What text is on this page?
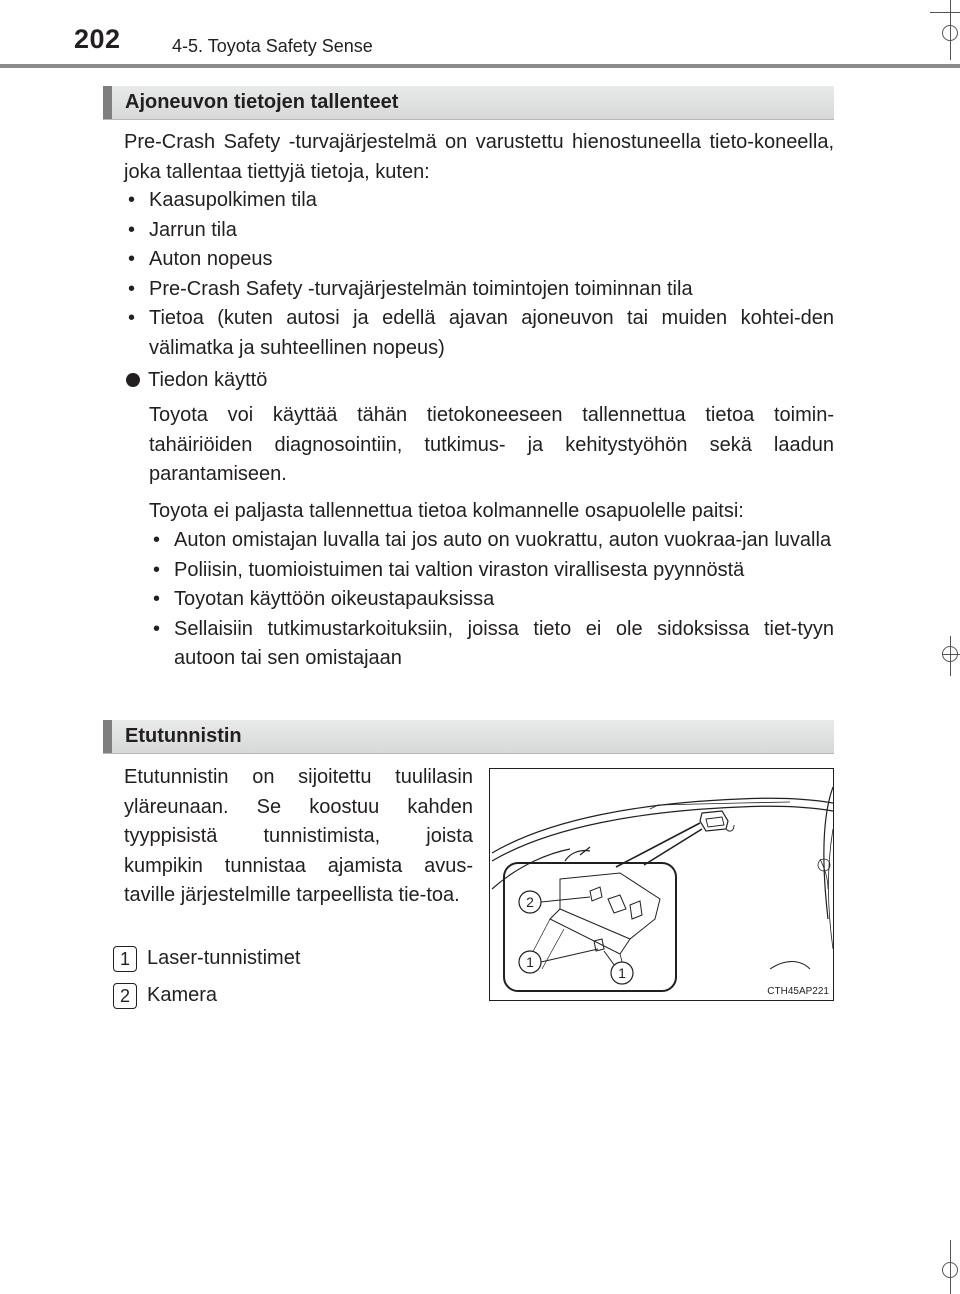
202	4-5. Toyota Safety Sense
Ajoneuvon tietojen tallenteet

Pre-Crash Safety -turvajärjestelmä on varustettu hienostuneella tieto-koneella, joka tallentaa tiettyjä tietoja, kuten:

• Kaasupolkimen tila
• Jarrun tila
• Auton nopeus
• Pre-Crash Safety -turvajärjestelmän toimintojen toiminnan tila
• Tietoa (kuten autosi ja edellä ajavan ajoneuvon tai muiden kohtei-den välimatka ja suhteellinen nopeus)
Tiedon käyttö

Toyota voi käyttää tähän tietokoneeseen tallennettua tietoa toimin-tahäiriöiden diagnosointiin, tutkimus- ja kehitystyöhön sekä laadun parantamiseen.

Toyota ei paljasta tallennettua tietoa kolmannelle osapuolelle paitsi:

• Auton omistajan luvalla tai jos auto on vuokrattu, auton vuokraa-jan luvalla
• Poliisin, tuomioistuimen tai valtion viraston virallisesta pyynnöstä
• Toyotan käyttöön oikeustapauksissa
• Sellaisiin tutkimustarkoituksiin, joissa tieto ei ole sidoksissa tiet-tyyn autoon tai sen omistajaan
Etutunnistin

Etutunnistin on sijoitettu tuulilasin yläreunaan. Se koostuu kahden tyyppisistä tunnistimista, joista kumpikin tunnistaa ajamista avus-taville järjestelmille tarpeellista tie-toa.

1 Laser-tunnistimet
2 Kamera
2
1
1
CTH45AP221
